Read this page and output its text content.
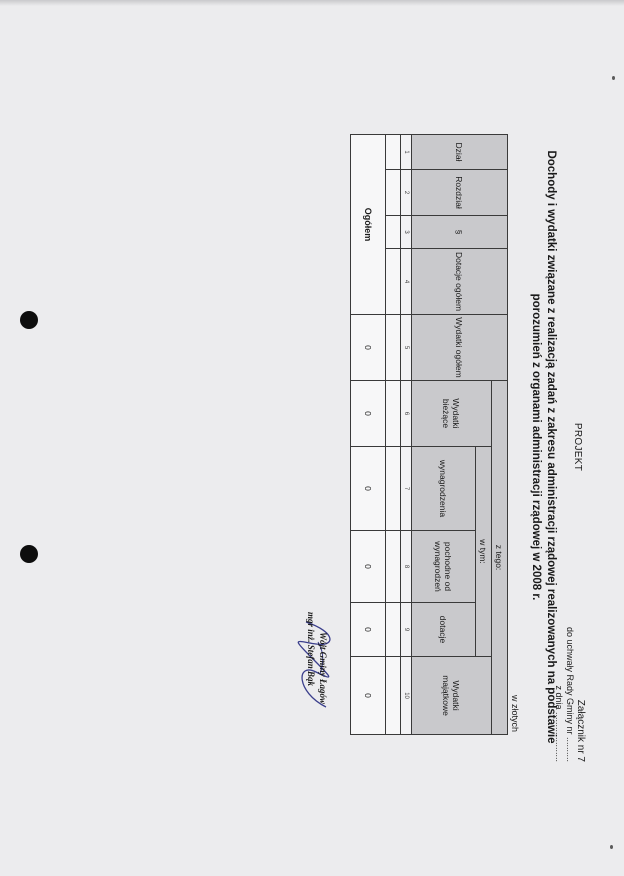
PROJEKT
Załącznik nr 7
do uchwały Rady Gminy nr ..........
z dnia ....................
Dochody i wydatki związane z realizacją zadań z zakresu administracji rządowej realizowanych na podstawie
porozumień z organami administracji rządowej w 2008 r.
w złotych
Dział	Rozdział	§	Dotacje ogółem	Wydatki ogółem	z tego:				
					Wydatki bieżące	w tym:			Wydatki majątkowe
						wynagrodzenia	pochodne od wynagrodzeń	dotacje	
1	2	3	4	5	6	7	8	9	10

Ogółem				0	0	0	0	0	0
Wójt Gminy Łagów
mgr inż. Stefan Bąk
